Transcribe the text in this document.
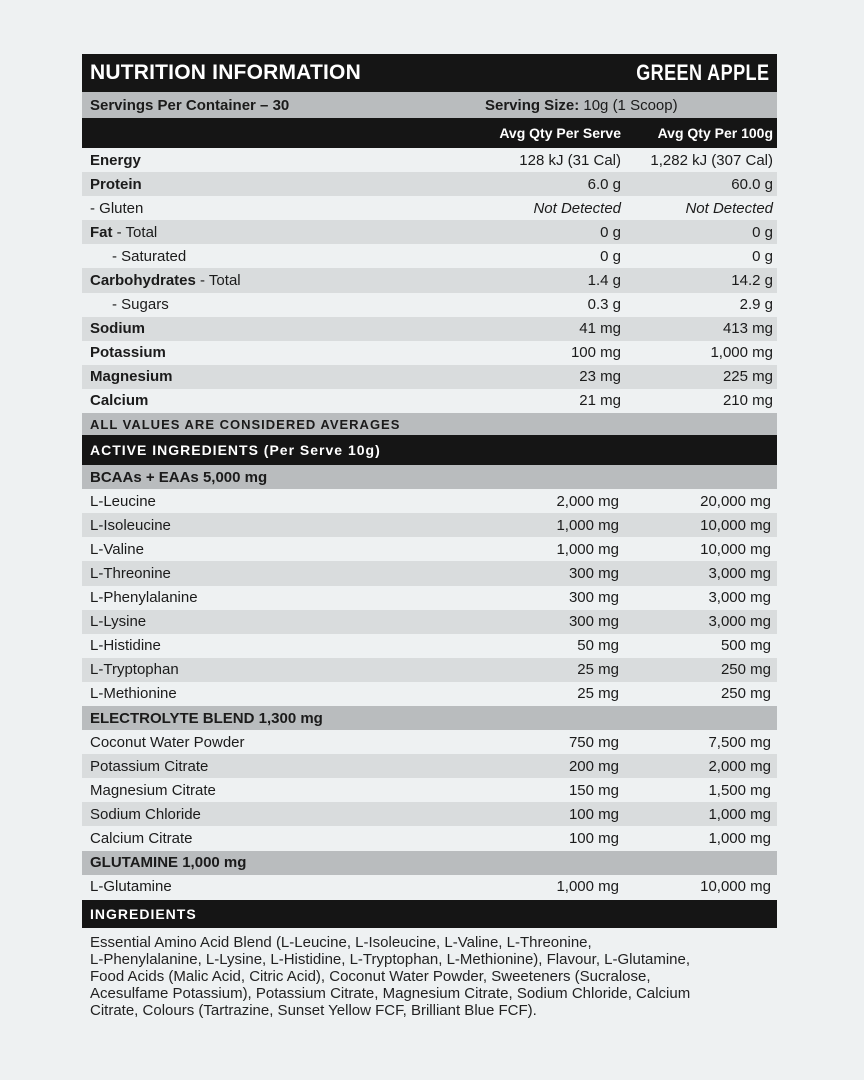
NUTRITION INFORMATION	GREEN APPLE
Servings Per Container – 30	Serving Size: 10g (1 Scoop)
Avg Qty Per Serve	Avg Qty Per 100g
Energy	128 kJ (31 Cal)	1,282 kJ (307 Cal)
Protein	6.0 g	60.0 g
- Gluten	Not Detected	Not Detected
Fat - Total	0 g	0 g
- Saturated	0 g	0 g
Carbohydrates - Total	1.4 g	14.2 g
- Sugars	0.3 g	2.9 g
Sodium	41 mg	413 mg
Potassium	100 mg	1,000 mg
Magnesium	23 mg	225 mg
Calcium	21 mg	210 mg
ALL VALUES ARE CONSIDERED AVERAGES
ACTIVE INGREDIENTS (Per Serve 10g)
BCAAs + EAAs 5,000 mg
L-Leucine	2,000 mg	20,000 mg
L-Isoleucine	1,000 mg	10,000 mg
L-Valine	1,000 mg	10,000 mg
L-Threonine	300 mg	3,000 mg
L-Phenylalanine	300 mg	3,000 mg
L-Lysine	300 mg	3,000 mg
L-Histidine	50 mg	500 mg
L-Tryptophan	25 mg	250 mg
L-Methionine	25 mg	250 mg
ELECTROLYTE BLEND 1,300 mg
Coconut Water Powder	750 mg	7,500 mg
Potassium Citrate	200 mg	2,000 mg
Magnesium Citrate	150 mg	1,500 mg
Sodium Chloride	100 mg	1,000 mg
Calcium Citrate	100 mg	1,000 mg
GLUTAMINE 1,000 mg
L-Glutamine	1,000 mg	10,000 mg
INGREDIENTS
Essential Amino Acid Blend (L-Leucine, L-Isoleucine, L-Valine, L-Threonine,
L-Phenylalanine, L-Lysine, L-Histidine, L-Tryptophan, L-Methionine), Flavour, L-Glutamine,
Food Acids (Malic Acid, Citric Acid), Coconut Water Powder, Sweeteners (Sucralose,
Acesulfame Potassium), Potassium Citrate, Magnesium Citrate, Sodium Chloride, Calcium
Citrate, Colours (Tartrazine, Sunset Yellow FCF, Brilliant Blue FCF).
